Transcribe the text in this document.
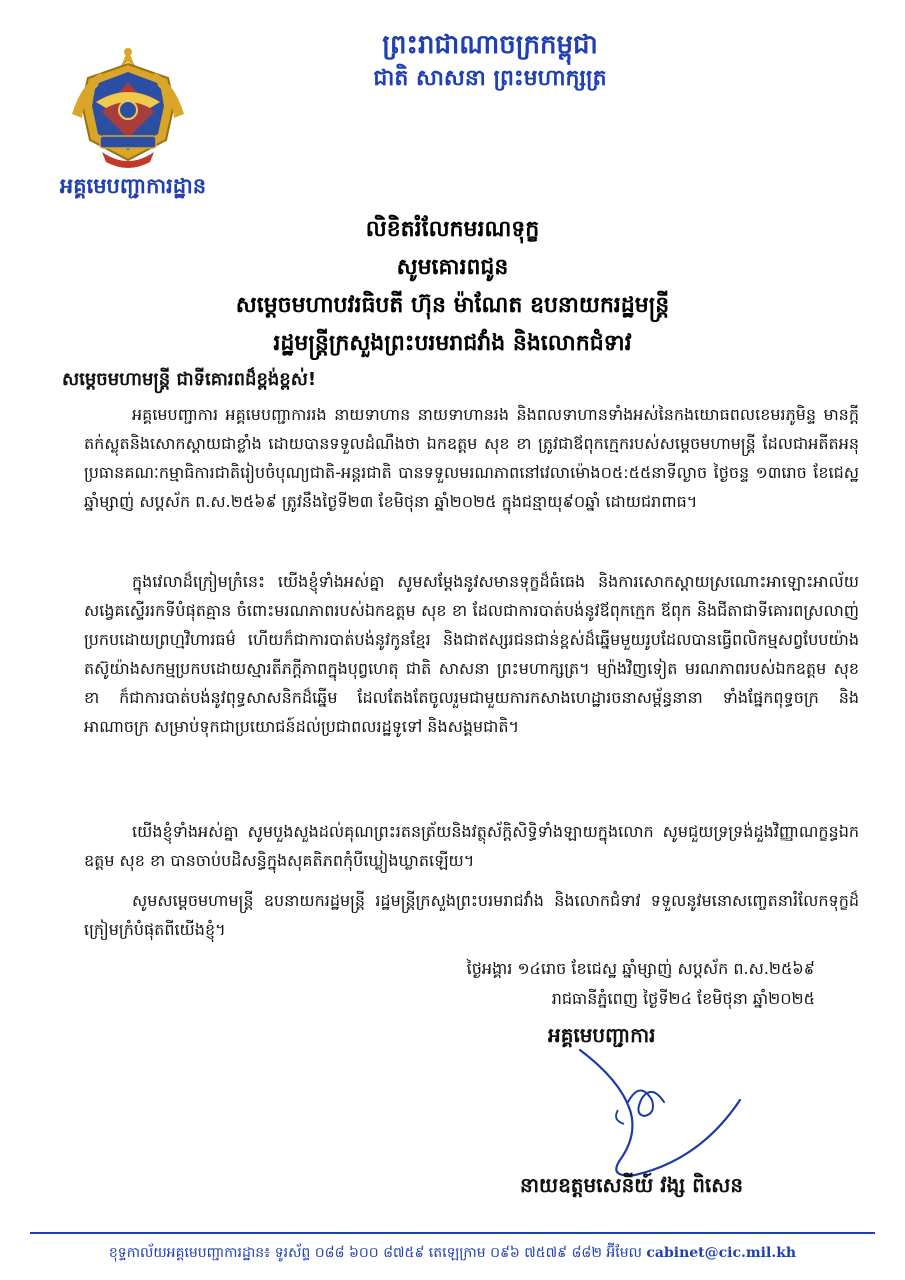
ព្រះរាជាណាចក្រកម្ពុជា
ជាតិ សាសនា ព្រះមហាក្សត្រ
អគ្គមេបញ្ជាការដ្ឋាន
លិខិតរំលែកមរណទុក្ខ
សូមគោរពជូន
សម្តេចមហាបវរធិបតី ហ៊ុន ម៉ាណែត ឧបនាយករដ្ឋមន្ត្រី
រដ្ឋមន្ត្រីក្រសួងព្រះបរមរាជវាំង និងលោកជំទាវ
សម្តេចមហាមន្ត្រី ជាទីគោរពដ៏ខ្ពង់ខ្ពស់!
អគ្គមេបញ្ជាការ អគ្គមេបញ្ជាការរង នាយទាហាន នាយទាហានរង និងពលទាហានទាំងអស់នៃកងយោធពលខេមរភូមិន្ទ មានក្តីតក់ស្លុតនិងសោកស្តាយជាខ្លាំង ដោយបានទទួលដំណឹងថា ឯកឧត្តម សុខ ខា ត្រូវជាឪពុកក្មេករបស់សម្តេចមហាមន្ត្រី ដែលជាអតីតអនុប្រធានគណៈកម្មាធិការជាតិរៀបចំបុណ្យជាតិ-អន្តរជាតិ បានទទួលមរណភាពនៅវេលាម៉ោង០៥:៥៥នាទីល្ងាច ថ្ងៃចន្ទ ១៣រោច ខែជេស្ឋ ឆ្នាំម្សាញ់ សប្តស័ក ព.ស.២៥៦៩ ត្រូវនឹងថ្ងៃទី២៣ ខែមិថុនា ឆ្នាំ២០២៥ ក្នុងជន្មាយុ៩០ឆ្នាំ ដោយជរាពាធ។
ក្នុងវេលាដ៏ក្រៀមក្រំនេះ យើងខ្ញុំទាំងអស់គ្នា សូមសម្តែងនូវសមានទុក្ខដ៏ធំធេង និងការសោកស្តាយស្រណោះអាឡោះអាល័យសង្វេគស្ទើររកទីបំផុតគ្មាន ចំពោះមរណភាពរបស់ឯកឧត្តម សុខ ខា ដែលជាការបាត់បង់នូវឪពុកក្មេក ឪពុក និងជីតាជាទីគោរពស្រលាញ់ប្រកបដោយព្រហ្មវិហារធម៌ ហើយក៏ជាការបាត់បង់នូវកូនខ្មែរ និងជាឥស្សរជនជាន់ខ្ពស់ដ៏ឆ្នើមមួយរូបដែលបានធ្វើពលិកម្មសព្វបែបយ៉ាងតស៊ូយ៉ាងសកម្មប្រកបដោយស្មារតីភក្តីភាពក្នុងបុព្វហេតុ ជាតិ សាសនា ព្រះមហាក្សត្រ។ ម្យ៉ាងវិញទៀត មរណភាពរបស់ឯកឧត្តម សុខ ខា ក៏ជាការបាត់បង់នូវពុទ្ធសាសនិកដ៏ឆ្នើម ដែលតែងតែចូលរួមជាមួយការកសាងហេដ្ឋារចនាសម្ព័ន្ធនានា ទាំងផ្នែកពុទ្ធចក្រ និងអាណាចក្រ សម្រាប់ទុកជាប្រយោជន៍ដល់ប្រជាពលរដ្ឋទូទៅ និងសង្គមជាតិ។
យើងខ្ញុំទាំងអស់គ្នា សូមបួងសួងដល់គុណព្រះរតនត្រ័យនិងវត្ថុស័ក្តិសិទ្ធិទាំងឡាយក្នុងលោក សូមជួយទ្រទ្រង់ដួងវិញ្ញាណក្ខន្ធឯកឧត្តម សុខ ខា បានចាប់បដិសន្ធិក្នុងសុគតិភពកុំបីឃ្លៀងឃ្លាតឡើយ។
សូមសម្តេចមហាមន្ត្រី ឧបនាយករដ្ឋមន្ត្រី រដ្ឋមន្ត្រីក្រសួងព្រះបរមរាជវាំង និងលោកជំទាវ ទទួលនូវមនោសញ្ចេតនារំលែកទុក្ខដ៏ក្រៀមក្រំបំផុតពីយើងខ្ញុំ។
ថ្ងៃអង្គារ ១៤រោច ខែជេស្ឋ ឆ្នាំម្សាញ់ សប្តស័ក ព.ស.២៥៦៩
រាជធានីភ្នំពេញ ថ្ងៃទី២៤ ខែមិថុនា ឆ្នាំ២០២៥
អគ្គមេបញ្ជាការ
នាយឧត្តមសេនីយ៍ វង្ស ពិសេន
ខុទ្ទកាល័យអគ្គមេបញ្ជាការដ្ឋាន៖ ទូរស័ព្ទ ០៨៨ ៦០០ ៨៧៥៩ តេឡេក្រាម ០៩៦ ៧៥៧៩ ៨៨២ អ៊ីមែល cabinet@cic.mil.kh
